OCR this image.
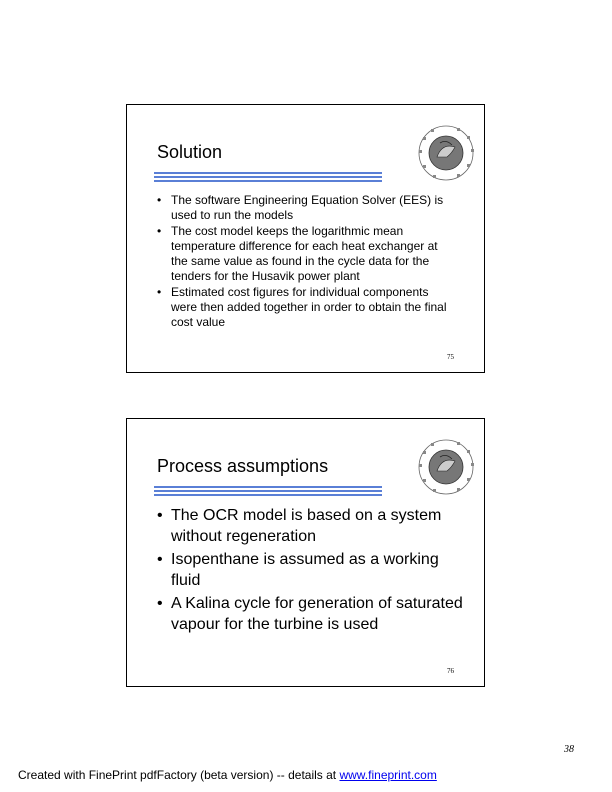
Solution
• The software Engineering Equation Solver (EES) is used to run the models
• The cost model keeps the logarithmic mean temperature difference for each heat exchanger at the same value as found in the cycle data for the tenders for the Husavik power plant
• Estimated cost figures for individual components were then added together in order to obtain the final cost value
75
Process assumptions
• The OCR model is based on a system without regeneration
• Isopenthane is assumed as a working fluid
• A Kalina cycle for generation of saturated vapour for the turbine is used
76
38
Created with FinePrint pdfFactory (beta version) -- details at www.fineprint.com
